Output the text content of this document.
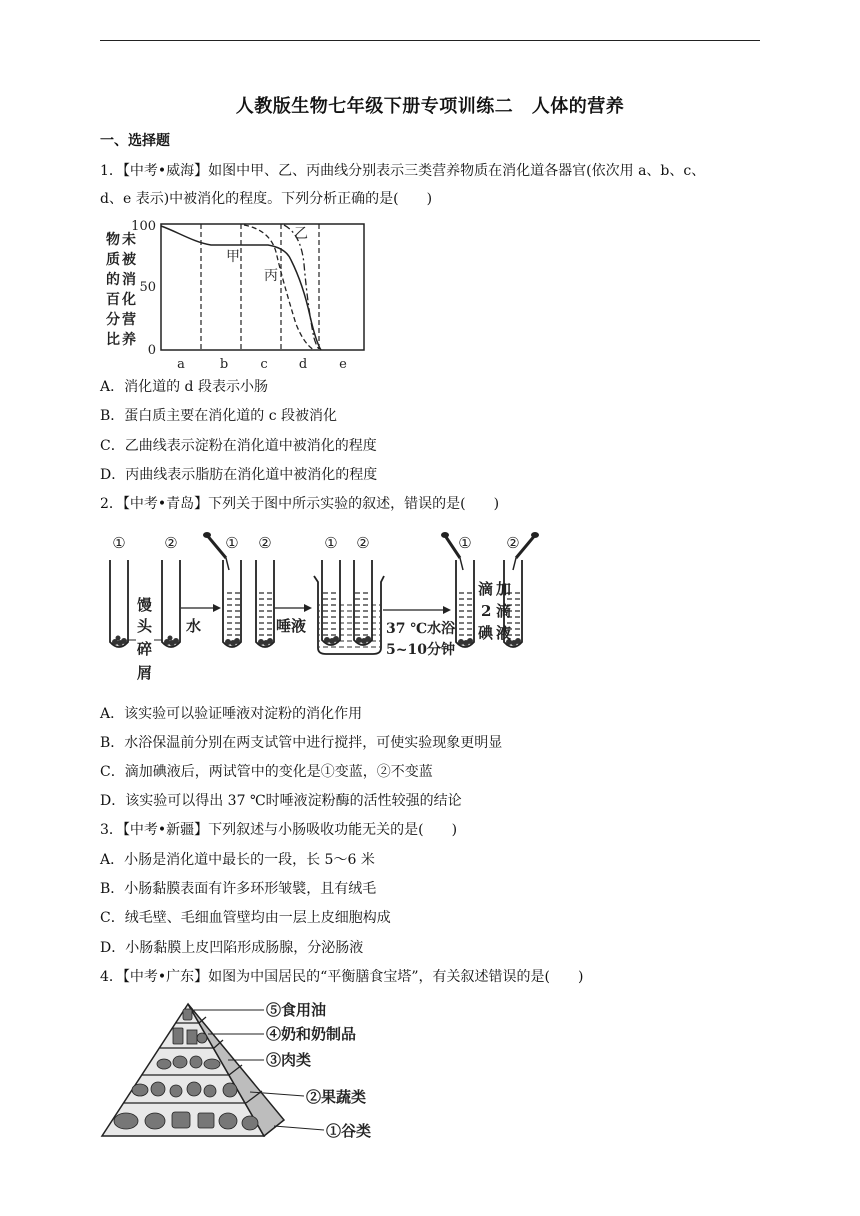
人教版生物七年级下册专项训练二　人体的营养
一、选择题
1．【中考•威海】如图中甲、乙、丙曲线分别表示三类营养物质在消化道各器官(依次用 a、b、c、
d、e 表示)中被消化的程度。下列分析正确的是(　　)
物
质
的
百
分
比
未
被
消
化
营
养
100
50
0
甲
乙
丙
a	b c d e
A．消化道的 d 段表示小肠
B．蛋白质主要在消化道的 c 段被消化
C．乙曲线表示淀粉在消化道中被消化的程度
D．丙曲线表示脂肪在消化道中被消化的程度
2．【中考•青岛】下列关于图中所示实验的叙述，错误的是(　　)
①	②	① ②	① ②	① ②
馒
头
碎
屑
水	唾液	37 ℃水浴
5~10分钟
滴
2
碘
加
滴
液
A．该实验可以验证唾液对淀粉的消化作用
B．水浴保温前分别在两支试管中进行搅拌，可使实验现象更明显
C．滴加碘液后，两试管中的变化是①变蓝，②不变蓝
D．该实验可以得出 37 ℃时唾液淀粉酶的活性较强的结论
3．【中考•新疆】下列叙述与小肠吸收功能无关的是(　　)
A．小肠是消化道中最长的一段，长 5～6 米
B．小肠黏膜表面有许多环形皱襞，且有绒毛
C．绒毛壁、毛细血管壁均由一层上皮细胞构成
D．小肠黏膜上皮凹陷形成肠腺，分泌肠液
4．【中考•广东】如图为中国居民的“平衡膳食宝塔”，有关叙述错误的是(　　)
⑤食用油
④奶和奶制品
③肉类
②果蔬类
①谷类
